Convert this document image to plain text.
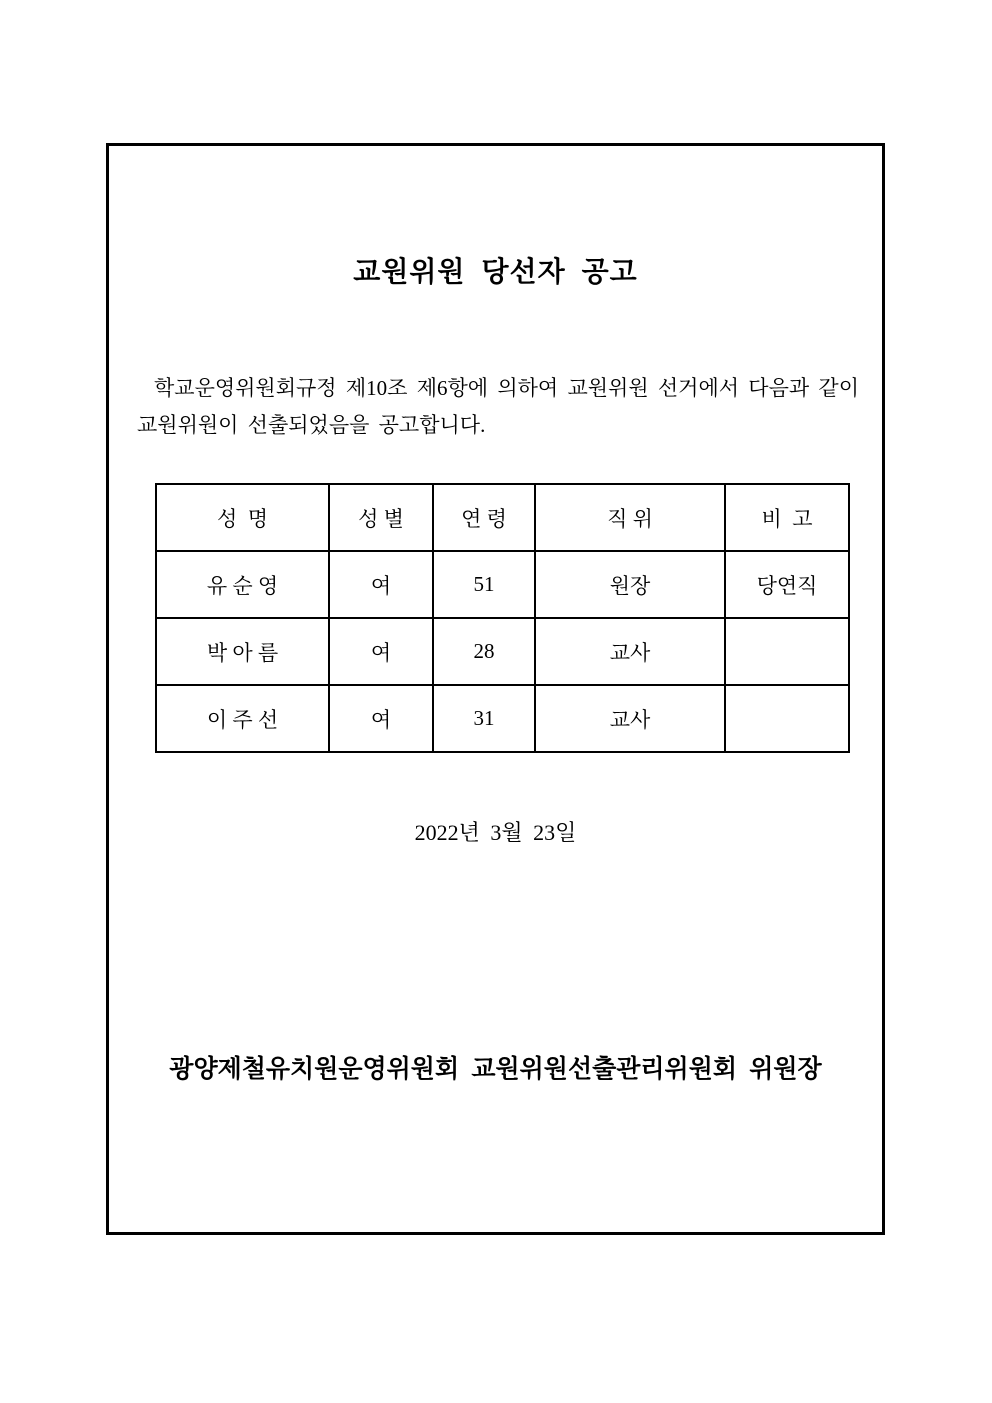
교원위원 당선자 공고
학교운영위원회규정 제10조 제6항에 의하여 교원위원 선거에서 다음과 같이
교원위원이 선출되었음을 공고합니다.
성  명	성 별	연 령	직 위	비  고
유 순 영	여	51	원장	당연직
박 아 름	여	28	교사	
이 주 선	여	31	교사	
2022년 3월 23일
광양제철유치원운영위원회 교원위원선출관리위원회 위원장
